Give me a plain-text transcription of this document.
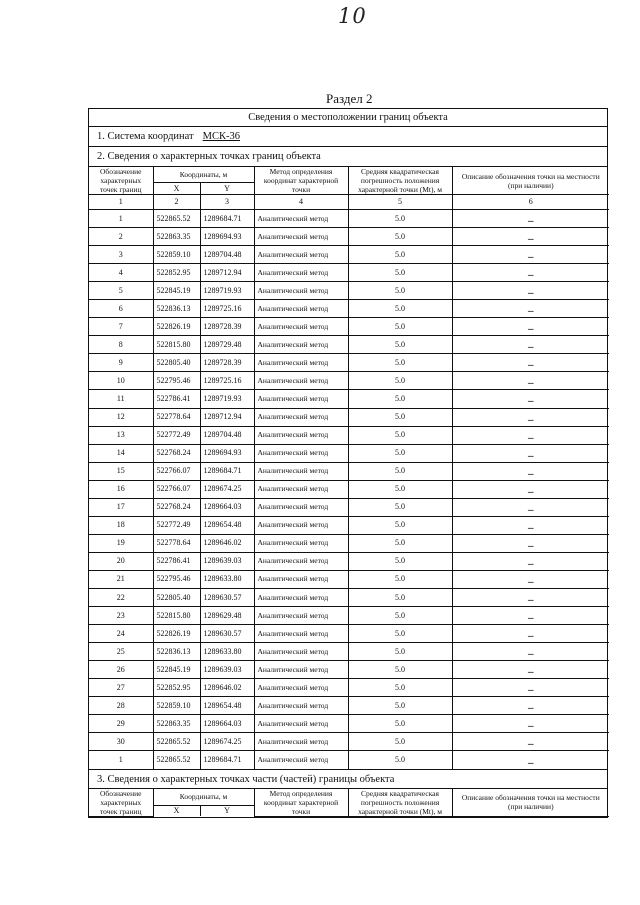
10
Раздел 2
Сведения о местоположении границ объекта
1. Система координат МСК-36
2. Сведения о характерных точках границ объекта
Обозначение характерных точек границ	Координаты, м		Метод определения координат характерной точки	Средняя квадратическая погрешность положения характерной точки (Mt), м	Описание обозначения точки на местности (при наличии)
	X	Y			
1	2	3	4	5	6
1	522865.52	1289684.71	Аналитический метод	5.0	–
2	522863.35	1289694.93	Аналитический метод	5.0	–
3	522859.10	1289704.48	Аналитический метод	5.0	–
4	522852.95	1289712.94	Аналитический метод	5.0	–
5	522845.19	1289719.93	Аналитический метод	5.0	–
6	522836.13	1289725.16	Аналитический метод	5.0	–
7	522826.19	1289728.39	Аналитический метод	5.0	–
8	522815.80	1289729.48	Аналитический метод	5.0	–
9	522805.40	1289728.39	Аналитический метод	5.0	–
10	522795.46	1289725.16	Аналитический метод	5.0	–
11	522786.41	1289719.93	Аналитический метод	5.0	–
12	522778.64	1289712.94	Аналитический метод	5.0	–
13	522772.49	1289704.48	Аналитический метод	5.0	–
14	522768.24	1289694.93	Аналитический метод	5.0	–
15	522766.07	1289684.71	Аналитический метод	5.0	–
16	522766.07	1289674.25	Аналитический метод	5.0	–
17	522768.24	1289664.03	Аналитический метод	5.0	–
18	522772.49	1289654.48	Аналитический метод	5.0	–
19	522778.64	1289646.02	Аналитический метод	5.0	–
20	522786.41	1289639.03	Аналитический метод	5.0	–
21	522795.46	1289633.80	Аналитический метод	5.0	–
22	522805.40	1289630.57	Аналитический метод	5.0	–
23	522815.80	1289629.48	Аналитический метод	5.0	–
24	522826.19	1289630.57	Аналитический метод	5.0	–
25	522836.13	1289633.80	Аналитический метод	5.0	–
26	522845.19	1289639.03	Аналитический метод	5.0	–
27	522852.95	1289646.02	Аналитический метод	5.0	–
28	522859.10	1289654.48	Аналитический метод	5.0	–
29	522863.35	1289664.03	Аналитический метод	5.0	–
30	522865.52	1289674.25	Аналитический метод	5.0	–
1	522865.52	1289684.71	Аналитический метод	5.0	–
3. Сведения о характерных точках части (частей) границы объекта
Обозначение характерных точек границ	Координаты, м		Метод определения координат характерной точки	Средняя квадратическая погрешность положения характерной точки (Mt), м	Описание обозначения точки на местности (при наличии)
	X	Y			
